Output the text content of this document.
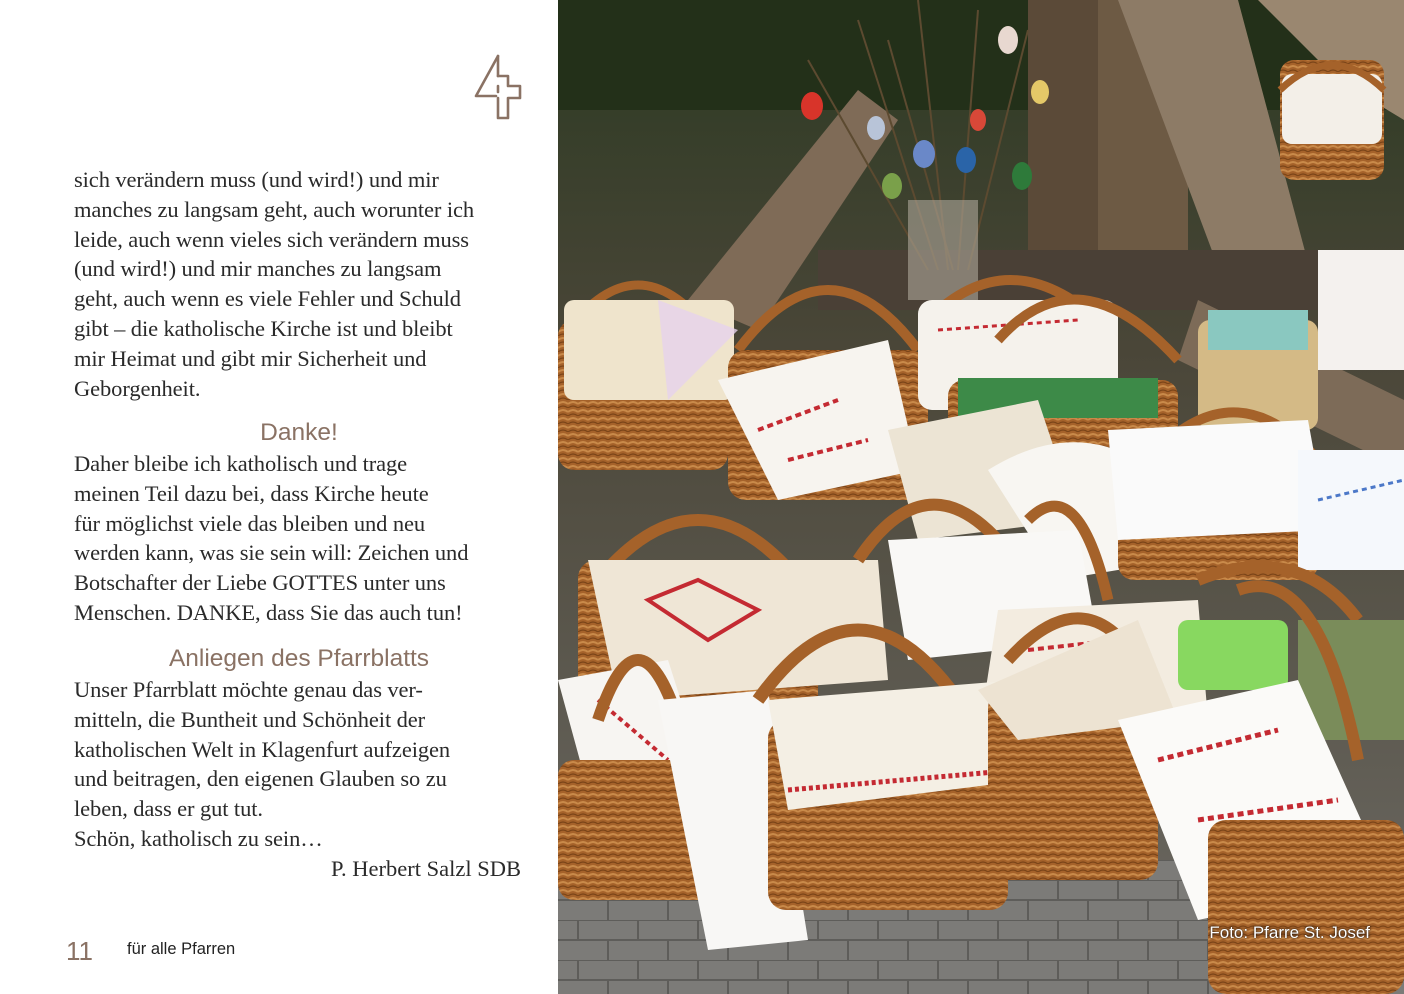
sich verändern muss (und wird!) und mir
manches zu langsam geht, auch worunter ich
leide, auch wenn vieles sich verändern muss
(und wird!) und mir manches zu langsam
geht, auch wenn es viele Fehler und Schuld
gibt – die katholische Kirche ist und bleibt
mir Heimat und gibt mir Sicherheit und
Geborgenheit.

Danke!

Daher bleibe ich katholisch und trage
meinen Teil dazu bei, dass Kirche heute
für möglichst viele das bleiben und neu
werden kann, was sie sein will: Zeichen und
Botschafter der Liebe GOTTES unter uns
Menschen. DANKE, dass Sie das auch tun!

Anliegen des Pfarrblatts

Unser Pfarrblatt möchte genau das ver-
mitteln, die Buntheit und Schönheit der
katholischen Welt in Klagenfurt aufzeigen
und beitragen, den eigenen Glauben so zu
leben, dass er gut tut.

Schön, katholisch zu sein…

P. Herbert Salzl SDB
11 für alle Pfarren
Foto: Pfarre St. Josef
